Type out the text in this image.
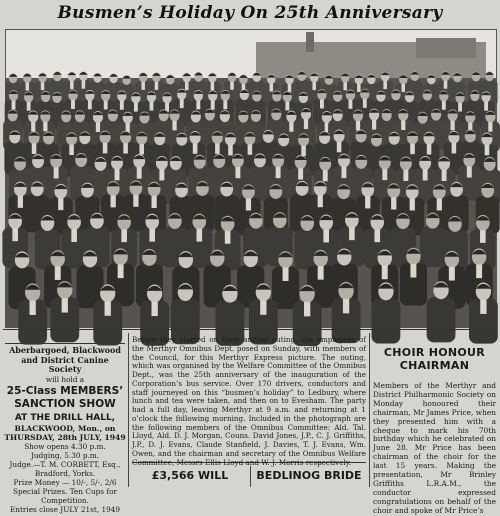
Busmen’s Holiday On 25th Anniversary

Aberbargoed, Blackwood

and District Canine Society

will hold a

25-Class MEMBERS’

SANCTION SHOW

AT THE DRILL HALL,

BLACKWOOD, Mon., on

THURSDAY, 28th JULY, 1949

Show opens 4.30 p.m.

Judging, 5.30 p.m.

Judge.—T. M. CORBETT, Esq.,

Bradford, Yorks.

Prize Money — 10/-, 5/-, 2/6

Special Prizes. Ten Cups for

Competition.

Entries close JULY 21st, 1949

Before they started on their annual outing, the employees of the Merthyr Omnibus Dept. posed on Sunday, with members of the Council, for this Merthyr Express picture. The outing, which was organised by the Welfare Committee of the Omnibus Dept., was the 25th anniversary of the inauguration of the Corporation’s bus service. Over 170 drivers, conductors and staff journeyed on this “busmen’s holiday” to Ledbury, where lunch and tea were taken, and then on to Evesham. The party had a full day, leaving Merthyr at 9 a.m. and returning at 1 o’clock the following morning. Included in the photograph are the following members of the Omnibus Committee: Ald. Tal. Lloyd, Ald. D. J. Morgan, Couns. David Jones, J.P., C. J. Griffiths, J.P., D. J. Evans, Claude Stanfield, J. Davies, T. J. Evans, Wm. Owen, and the chairman and secretary of the Omnibus Welfare Committee, Messrs Ellis Lloyd and W. J. Morris respectively.

CHOIR HONOUR
CHAIRMAN

Members of the Merthyr and District Philharmonic Society on Monday honoured their chairman, Mr James Price, when they presented him with a cheque to mark his 70th birthday which he celebrated on June 28. Mr Price has been chairman of the choir for the last 15 years. Making the presentation, Mr Brinley Griffiths L.R.A.M., the conductor expressed congratulations on behalf of the choir and spoke of Mr Price’s

£3,566 WILL	BEDLINOG BRIDE
